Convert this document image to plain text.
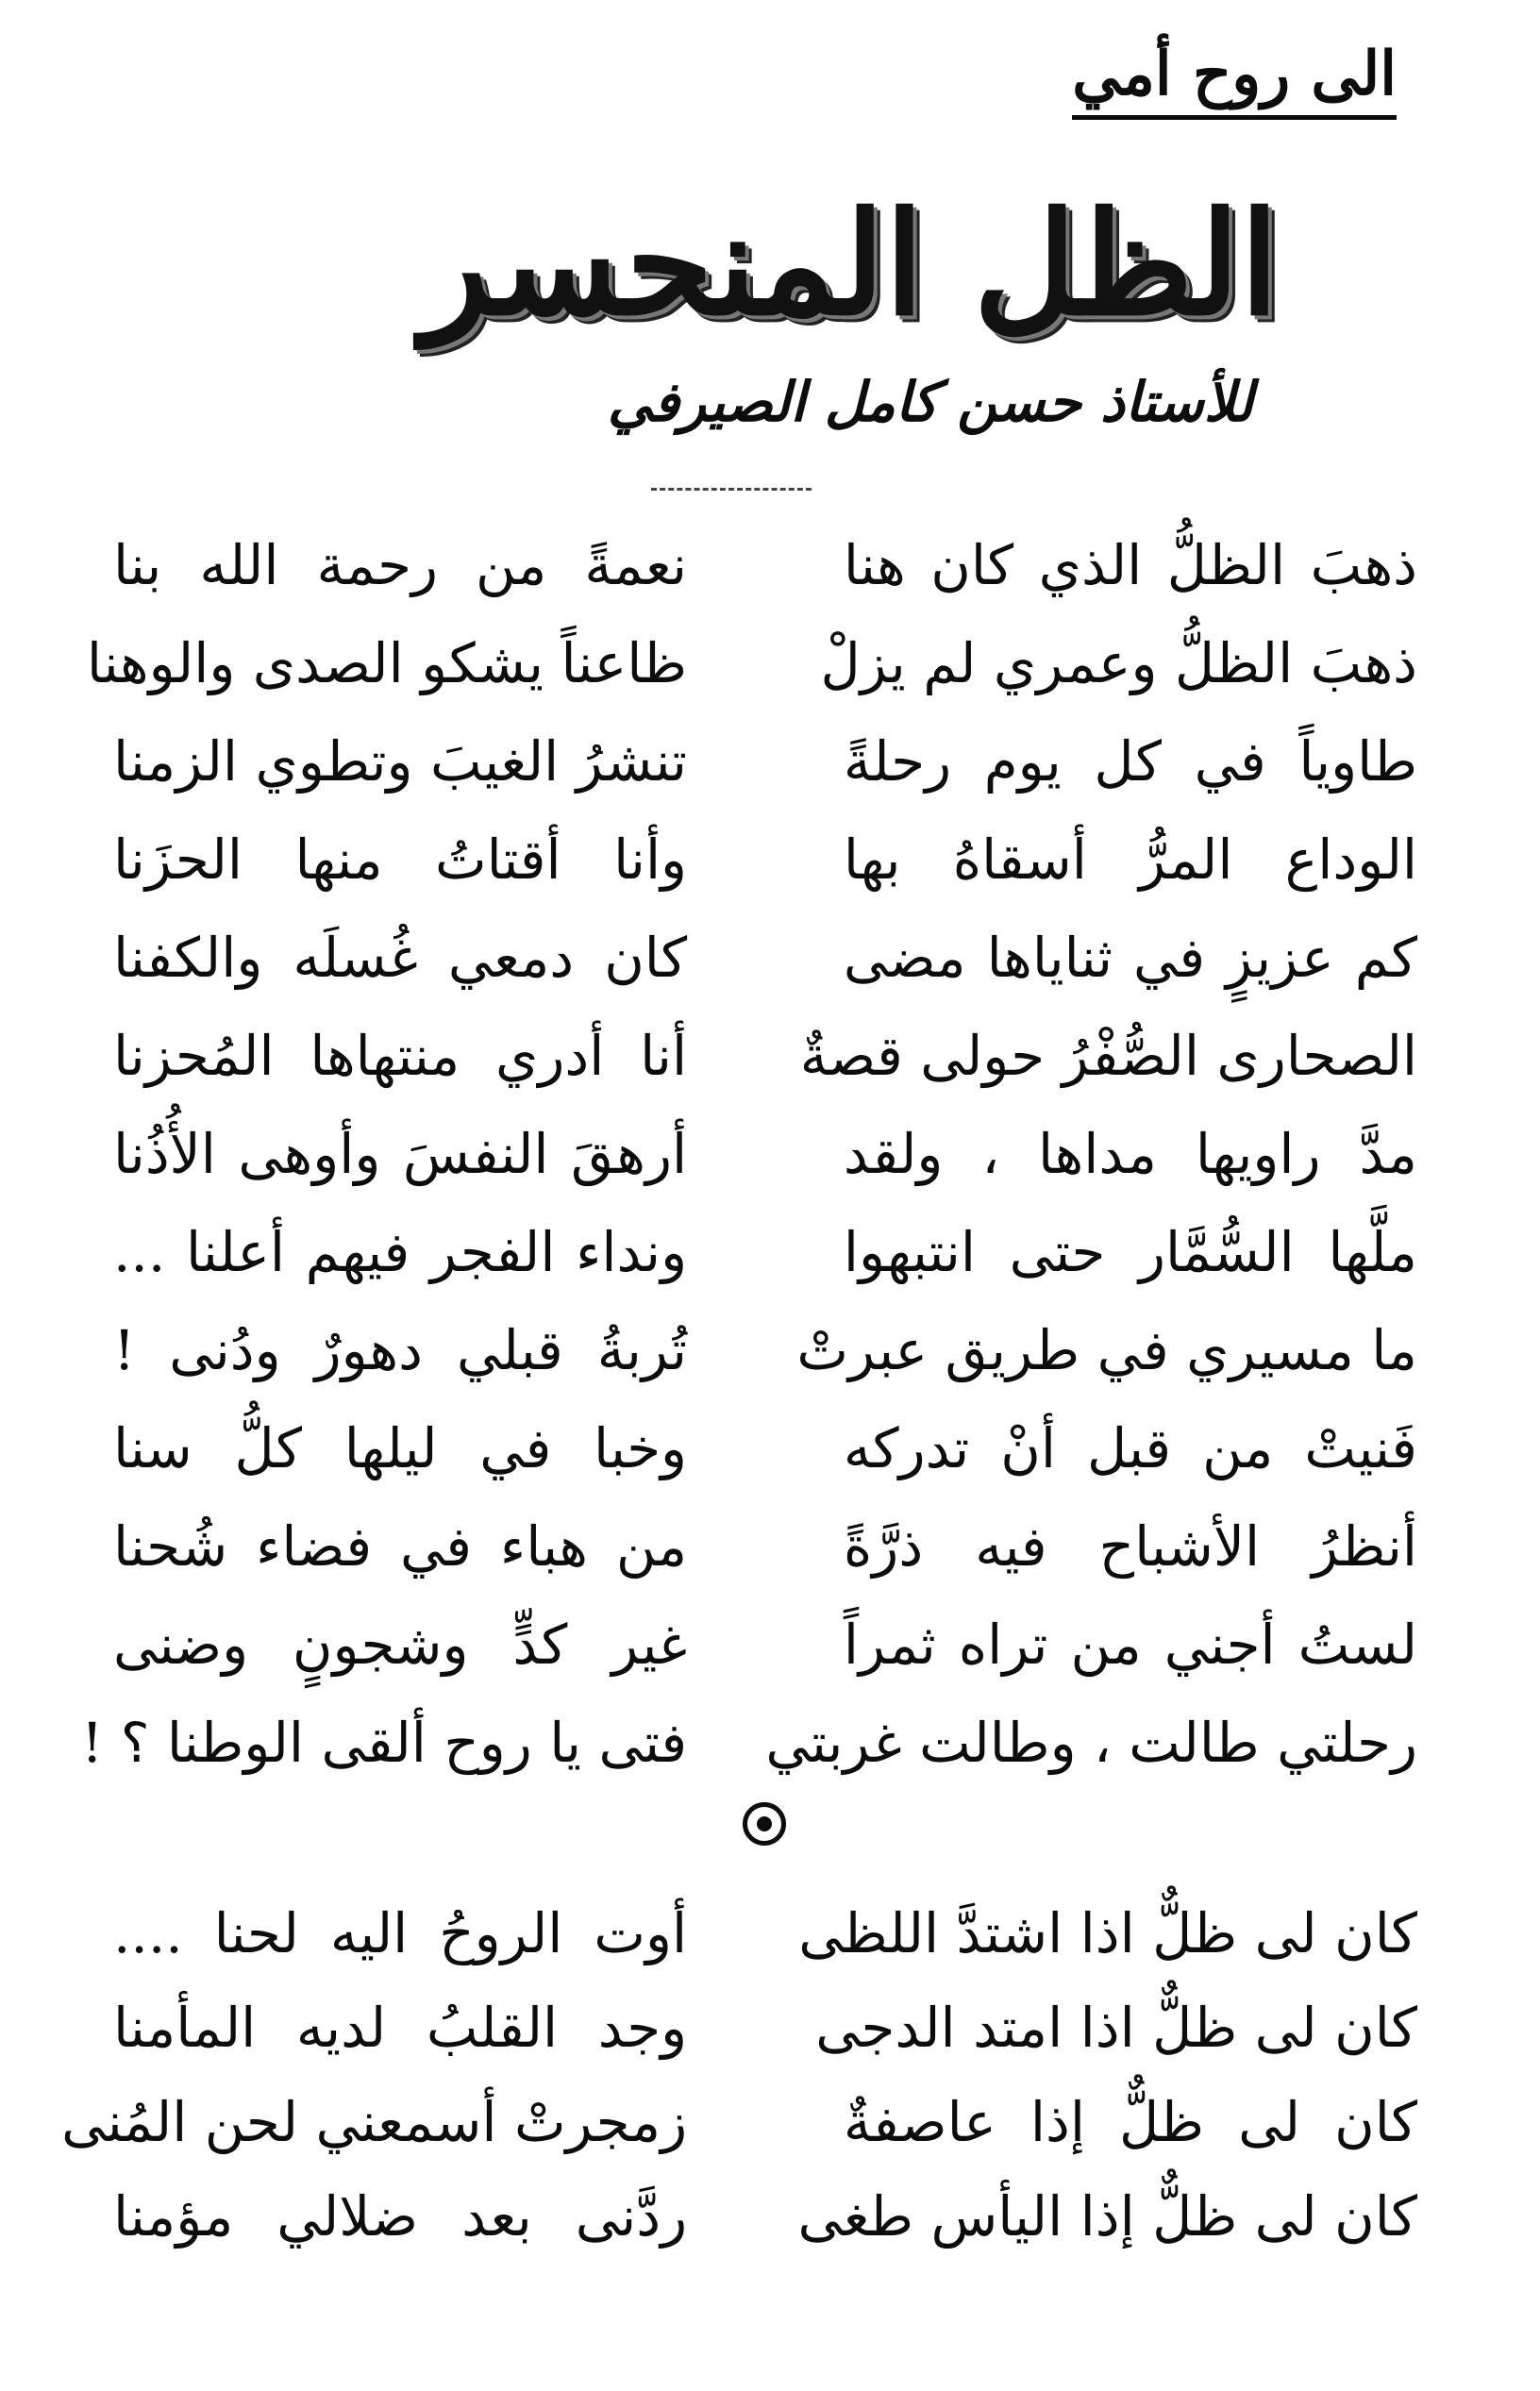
الى روح أمي
الظل المنحسر
للأستاذ حسن كامل الصيرفي
ذهبَ الظلُّ الذي كان هنا
نعمةً من رحمة الله بنا
ذهبَ الظلُّ وعمري لم يزلْ
ظاعناً يشكو الصدى والوهنا
طاوياً في كل يوم رحلةً
تنشرُ الغيبَ وتطوي الزمنا
الوداع المرُّ أسقاهُ بها
وأنا أقتاتُ منها الحزَنا
كم عزيزٍ في ثناياها مضى
كان دمعي غُسلَه والكفنا
الصحارى الصُّفْرُ حولى قصةٌ
أنا أدري منتهاها المُحزنا
مدَّ راويها مداها ، ولقد
أرهقَ النفسَ وأوهى الأُذُنا
ملَّها السُّمَّار حتى انتبهوا
ونداء الفجر فيهم أعلنا ...
ما مسيري في طريق عبرتْ
تُربةُ قبلي دهورٌ ودُنى !
فَنيتْ من قبل أنْ تدركه
وخبا في ليلها كلُّ سنا
أنظرُ الأشباح فيه ذرَّةً
من هباء في فضاء شُحنا
لستُ أجني من تراه ثمراً
غير كدٍّ وشجونٍ وضنى
رحلتي طالت ، وطالت غربتي
فتى يا روح ألقى الوطنا ؟ !
كان لى ظلٌّ اذا اشتدَّ اللظى
أوت الروحُ اليه لحنا ....
كان لى ظلٌّ اذا امتد الدجى
وجد القلبُ لديه المأمنا
كان لى ظلٌّ إذا عاصفةٌ
زمجرتْ أسمعني لحن المُنى
كان لى ظلٌّ إذا اليأس طغى
ردَّنى بعد ضلالي مؤمنا
